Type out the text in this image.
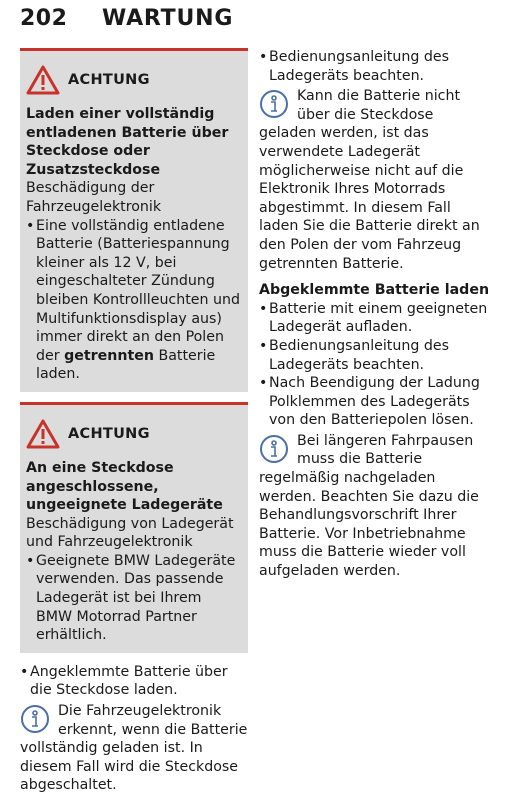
202 WARTUNG
ACHTUNG

Laden einer vollständig entladenen Batterie über Steckdose oder Zusatzsteckdose

Beschädigung der Fahrzeugelektronik

• Eine vollständig entladene Batterie (Batteriespannung kleiner als 12 V, bei eingeschalteter Zündung bleiben Kontrollleuchten und Multifunktionsdisplay aus) immer direkt an den Polen der getrennten Batterie laden.

ACHTUNG

An eine Steckdose angeschlossene, ungeeignete Ladegeräte

Beschädigung von Ladegerät und Fahrzeugelektronik

• Geeignete BMW Ladegeräte verwenden. Das passende Ladegerät ist bei Ihrem BMW Motorrad Partner erhältlich.

• Angeklemmte Batterie über die Steckdose laden.

Die Fahrzeugelektronik erkennt, wenn die Batterie vollständig geladen ist. In diesem Fall wird die Steckdose abgeschaltet.

• Bedienungsanleitung des Ladegeräts beachten.

Kann die Batterie nicht über die Steckdose geladen werden, ist das verwendete Ladegerät möglicherweise nicht auf die Elektronik Ihres Motorrads abgestimmt. In diesem Fall laden Sie die Batterie direkt an den Polen der vom Fahrzeug getrennten Batterie.

Abgeklemmte Batterie laden

• Batterie mit einem geeigneten Ladegerät aufladen.

• Bedienungsanleitung des Ladegeräts beachten.

• Nach Beendigung der Ladung Polklemmen des Ladegeräts von den Batteriepolen lösen.

Bei längeren Fahrpausen muss die Batterie regelmäßig nachgeladen werden. Beachten Sie dazu die Behandlungsvorschrift Ihrer Batterie. Vor Inbetriebnahme muss die Batterie wieder voll aufgeladen werden.
